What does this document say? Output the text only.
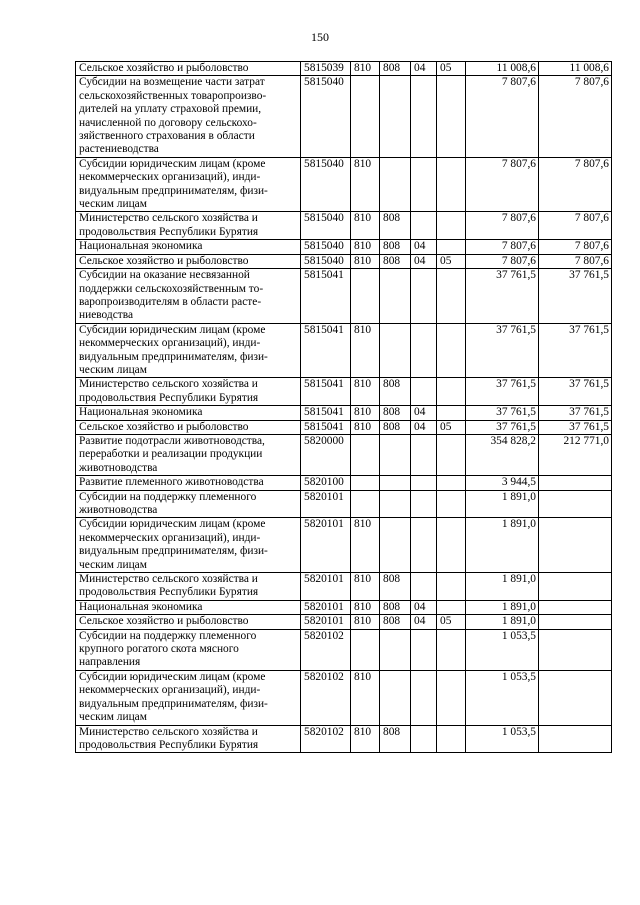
150
Сельское хозяйство и рыболовство	5815039	810	808	04	05	11 008,6	11 008,6
Субсидии на возмещение части затрат сельскохозяйственных товаропроизво-дителей на уплату страховой премии, начисленной по договору сельскохо-зяйственного страхования в области растениеводства	5815040					7 807,6	7 807,6
Субсидии юридическим лицам (кроме некоммерческих организаций), инди-видуальным предпринимателям, физи-ческим лицам	5815040	810				7 807,6	7 807,6
Министерство сельского хозяйства и продовольствия Республики Бурятия	5815040	810	808			7 807,6	7 807,6
Национальная экономика	5815040	810	808	04		7 807,6	7 807,6
Сельское хозяйство и рыболовство	5815040	810	808	04	05	7 807,6	7 807,6
Субсидии на оказание несвязанной поддержки сельскохозяйственным то-варопроизводителям в области расте-ниеводства	5815041					37 761,5	37 761,5
Субсидии юридическим лицам (кроме некоммерческих организаций), инди-видуальным предпринимателям, физи-ческим лицам	5815041	810				37 761,5	37 761,5
Министерство сельского хозяйства и продовольствия Республики Бурятия	5815041	810	808			37 761,5	37 761,5
Национальная экономика	5815041	810	808	04		37 761,5	37 761,5
Сельское хозяйство и рыболовство	5815041	810	808	04	05	37 761,5	37 761,5
Развитие подотрасли животноводства, переработки и реализации продукции животноводства	5820000					354 828,2	212 771,0
Развитие племенного животноводства	5820100					3 944,5	
Субсидии на поддержку племенного животноводства	5820101					1 891,0	
Субсидии юридическим лицам (кроме некоммерческих организаций), инди-видуальным предпринимателям, физи-ческим лицам	5820101	810				1 891,0	
Министерство сельского хозяйства и продовольствия Республики Бурятия	5820101	810	808			1 891,0	
Национальная экономика	5820101	810	808	04		1 891,0	
Сельское хозяйство и рыболовство	5820101	810	808	04	05	1 891,0	
Субсидии на поддержку племенного крупного рогатого скота мясного направления	5820102					1 053,5	
Субсидии юридическим лицам (кроме некоммерческих организаций), инди-видуальным предпринимателям, физи-ческим лицам	5820102	810				1 053,5	
Министерство сельского хозяйства и продовольствия Республики Бурятия	5820102	810	808			1 053,5	
